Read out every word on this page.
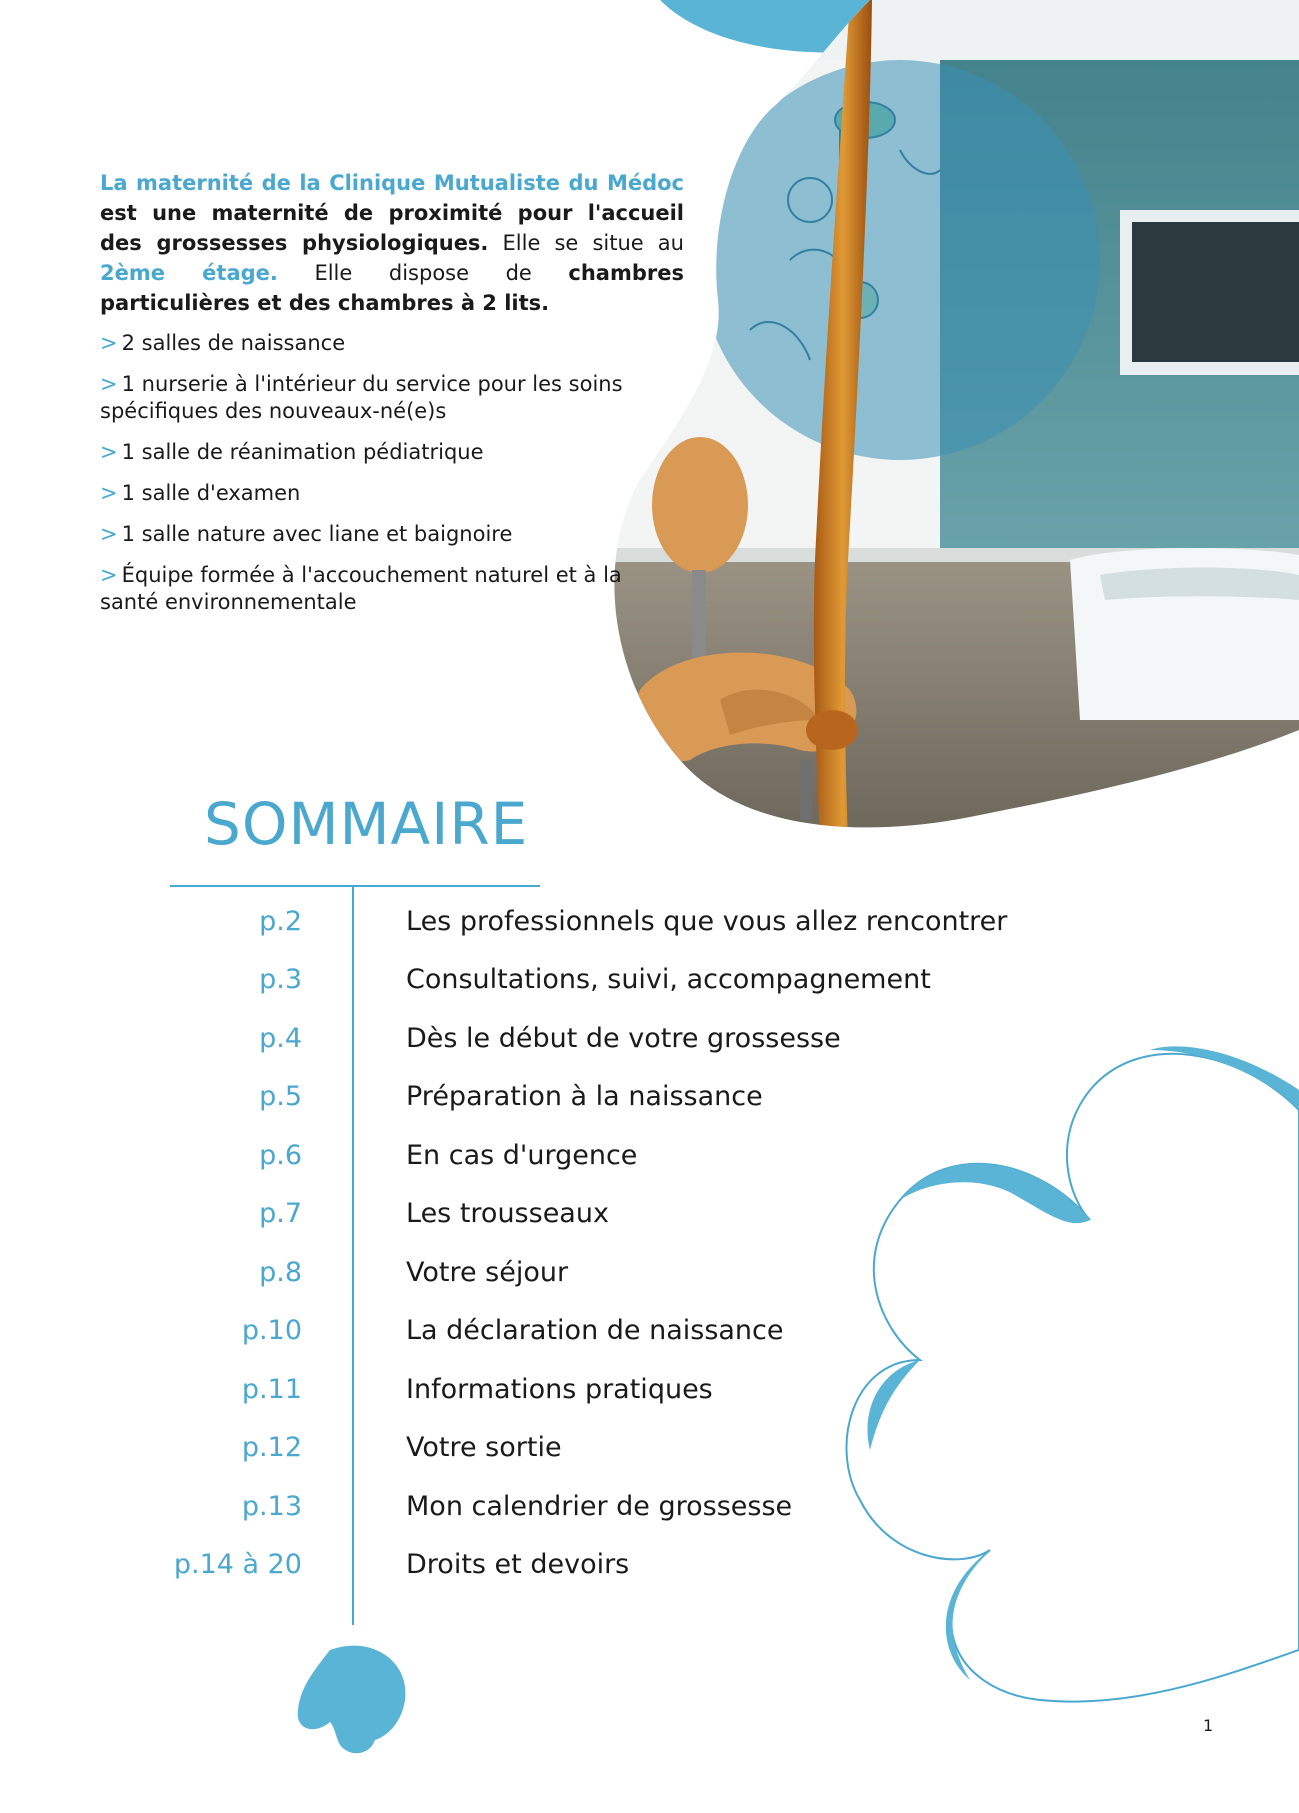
La maternité de la Clinique Mutualiste du Médoc est une maternité de proximité pour l'accueil des grossesses physiologiques. Elle se situe au 2ème étage. Elle dispose de chambres particulières et des chambres à 2 lits.

> 2 salles de naissance
> 1 nurserie à l'intérieur du service pour les soins spécifiques des nouveaux-né(e)s
> 1 salle de réanimation pédiatrique
> 1 salle d'examen
> 1 salle nature avec liane et baignoire
> Équipe formée à l'accouchement naturel et à la santé environnementale
SOMMAIRE
p.2	Les professionnels que vous allez rencontrer
p.3	Consultations, suivi, accompagnement
p.4	Dès le début de votre grossesse
p.5	Préparation à la naissance
p.6	En cas d'urgence
p.7	Les trousseaux
p.8	Votre séjour
p.10	La déclaration de naissance
p.11	Informations pratiques
p.12	Votre sortie
p.13	Mon calendrier de grossesse
p.14 à 20	Droits et devoirs
1
